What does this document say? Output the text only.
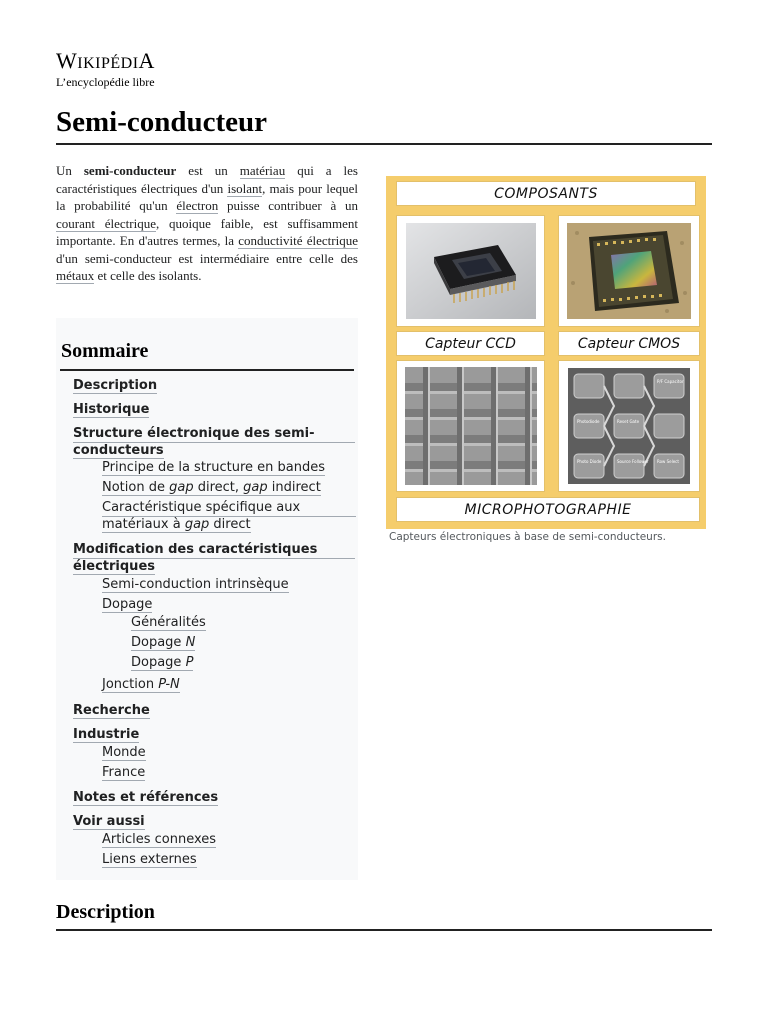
WIKIPÉDIA
L’encyclopédie libre
Semi-conducteur

Un semi-conducteur est un matériau qui a les caractéristiques électriques d'un isolant, mais pour lequel la probabilité qu'un électron puisse contribuer à un courant électrique, quoique faible, est suffisamment importante. En d'autres termes, la conductivité électrique d'un semi-conducteur est intermédiaire entre celle des métaux et celle des isolants.

Sommaire
Description
Historique
Structure électronique des semi-
conducteurs
Principe de la structure en bandes
Notion de gap direct, gap indirect
Caractéristique spécifique aux
matériaux à gap direct
Modification des caractéristiques
électriques
Semi-conduction intrinsèque
Dopage
Généralités
Dopage N
Dopage P
Jonction P-N
Recherche
Industrie
Monde
France
Notes et références
Voir aussi
Articles connexes
Liens externes
COMPOSANTS
Capteur CCD	Capteur CMOS
Photodiode	Reset Gate
Row Select
Source Follower
Photo Diode
P/F Capacitor
MICROPHOTOGRAPHIE
Capteurs électroniques à base de semi-conducteurs.
Description
